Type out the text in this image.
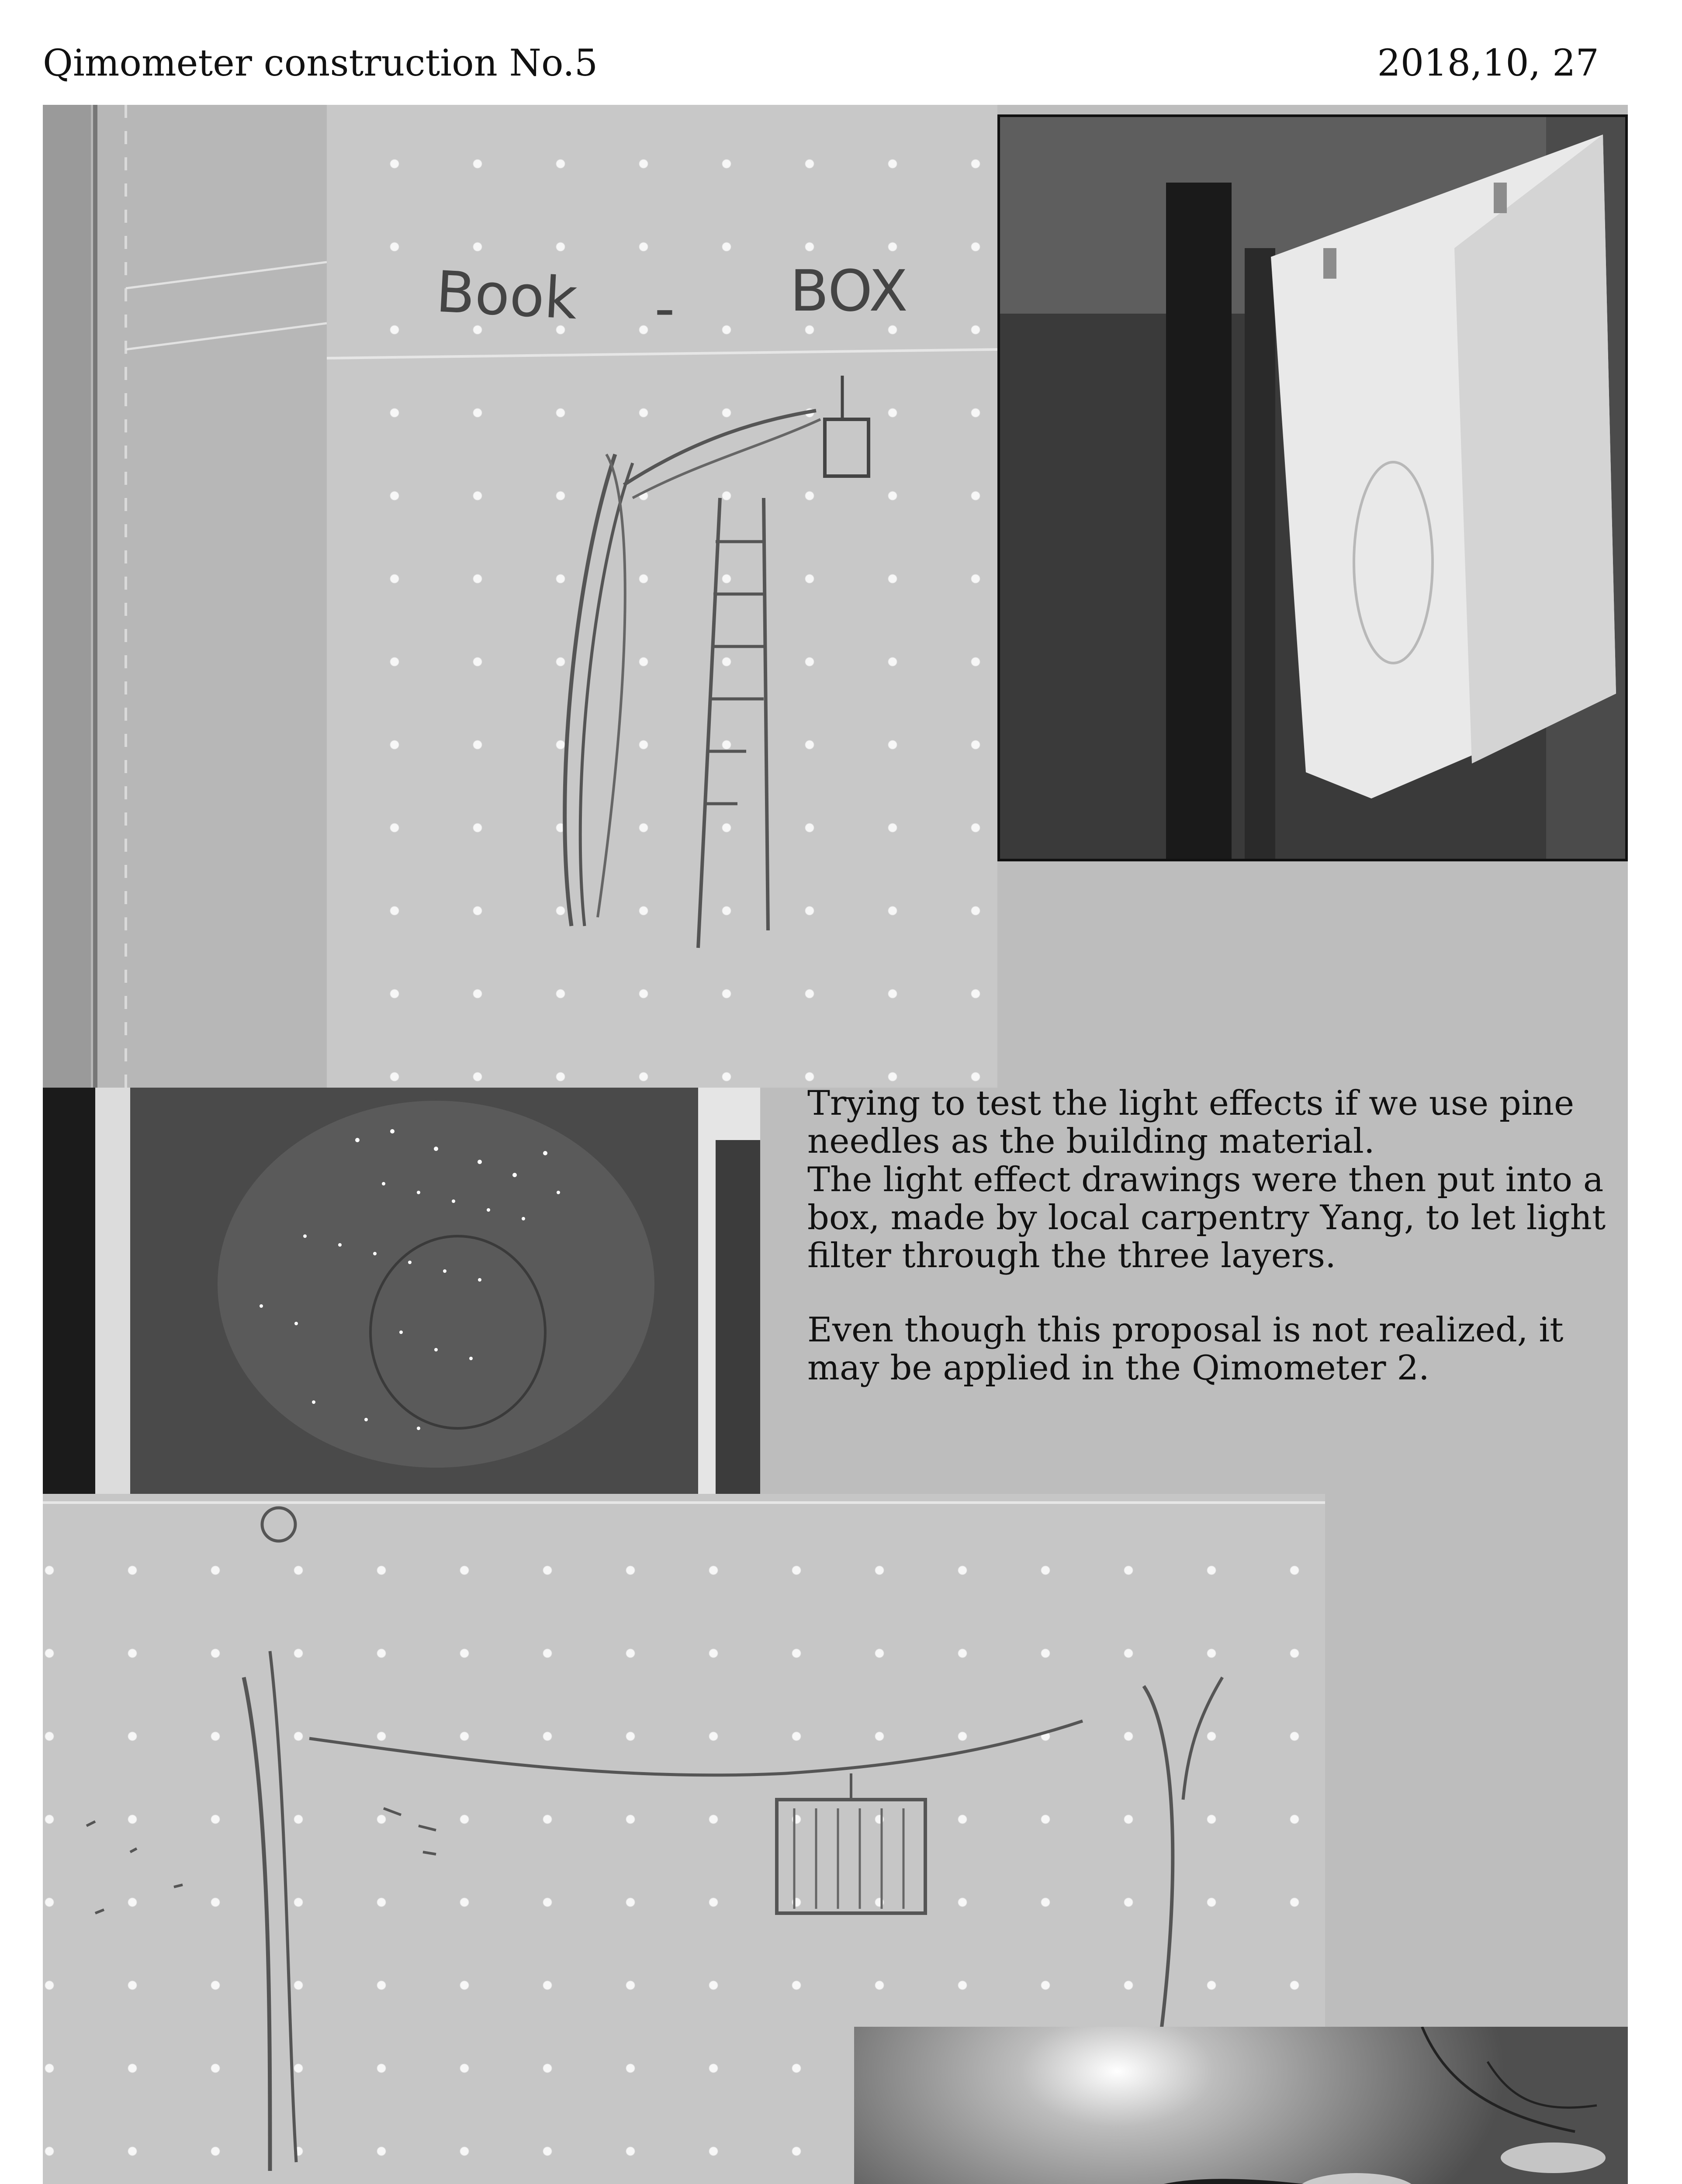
Qimometer construction No.5	2018,10, 27
Book - BOX

Trying to test the light effects if we use pine needles as the building material.
The light effect drawings were then put into a box, made by local carpentry Yang, to let light filter through the three layers.

Even though this proposal is not realized, it may be applied in the Qimometer 2.
